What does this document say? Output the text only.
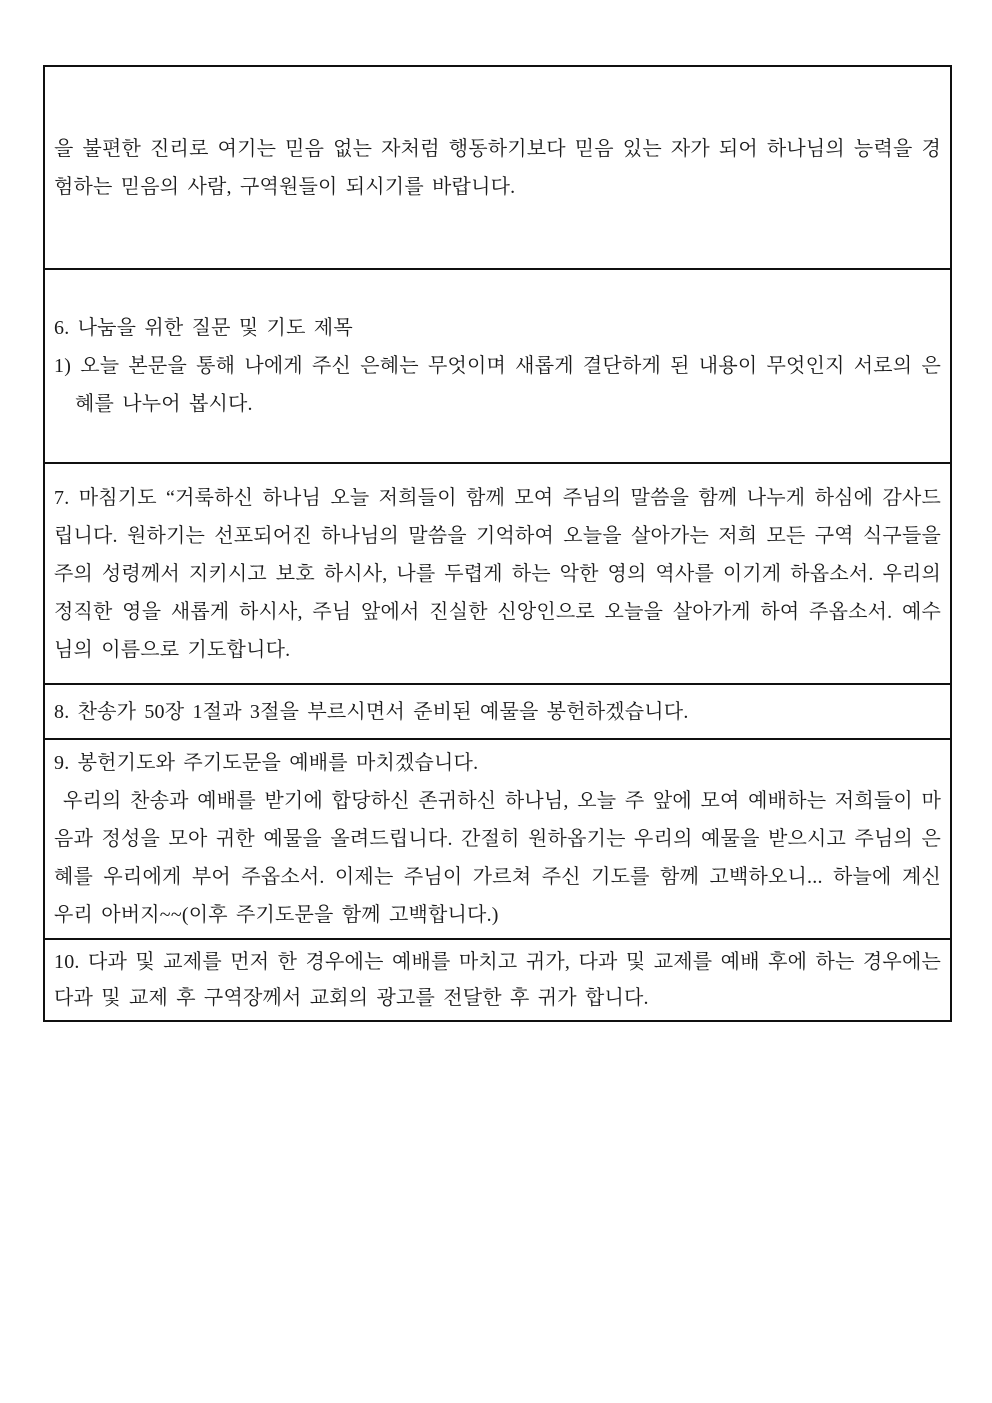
을 불편한 진리로 여기는 믿음 없는 자처럼 행동하기보다 믿음 있는 자가 되어 하나님의 능력을 경험하는 믿음의 사람, 구역원들이 되시기를 바랍니다.

6. 나눔을 위한 질문 및 기도 제목

1) 오늘 본문을 통해 나에게 주신 은혜는 무엇이며 새롭게 결단하게 된 내용이 무엇인지 서로의 은혜를 나누어 봅시다.

7. 마침기도 “거룩하신 하나님 오늘 저희들이 함께 모여 주님의 말씀을 함께 나누게 하심에 감사드립니다. 원하기는 선포되어진 하나님의 말씀을 기억하여 오늘을 살아가는 저희 모든 구역 식구들을 주의 성령께서 지키시고 보호 하시사, 나를 두렵게 하는 악한 영의 역사를 이기게 하옵소서. 우리의 정직한 영을 새롭게 하시사, 주님 앞에서 진실한 신앙인으로 오늘을 살아가게 하여 주옵소서. 예수님의 이름으로 기도합니다.

8. 찬송가 50장 1절과 3절을 부르시면서 준비된 예물을 봉헌하겠습니다.

9. 봉헌기도와 주기도문을 예배를 마치겠습니다.

우리의 찬송과 예배를 받기에 합당하신 존귀하신 하나님, 오늘 주 앞에 모여 예배하는 저희들이 마음과 정성을 모아 귀한 예물을 올려드립니다. 간절히 원하옵기는 우리의 예물을 받으시고 주님의 은혜를 우리에게 부어 주옵소서. 이제는 주님이 가르쳐 주신 기도를 함께 고백하오니... 하늘에 계신 우리 아버지~~(이후 주기도문을 함께 고백합니다.)

10. 다과 및 교제를 먼저 한 경우에는 예배를 마치고 귀가, 다과 및 교제를 예배 후에 하는 경우에는 다과 및 교제 후 구역장께서 교회의 광고를 전달한 후 귀가 합니다.
